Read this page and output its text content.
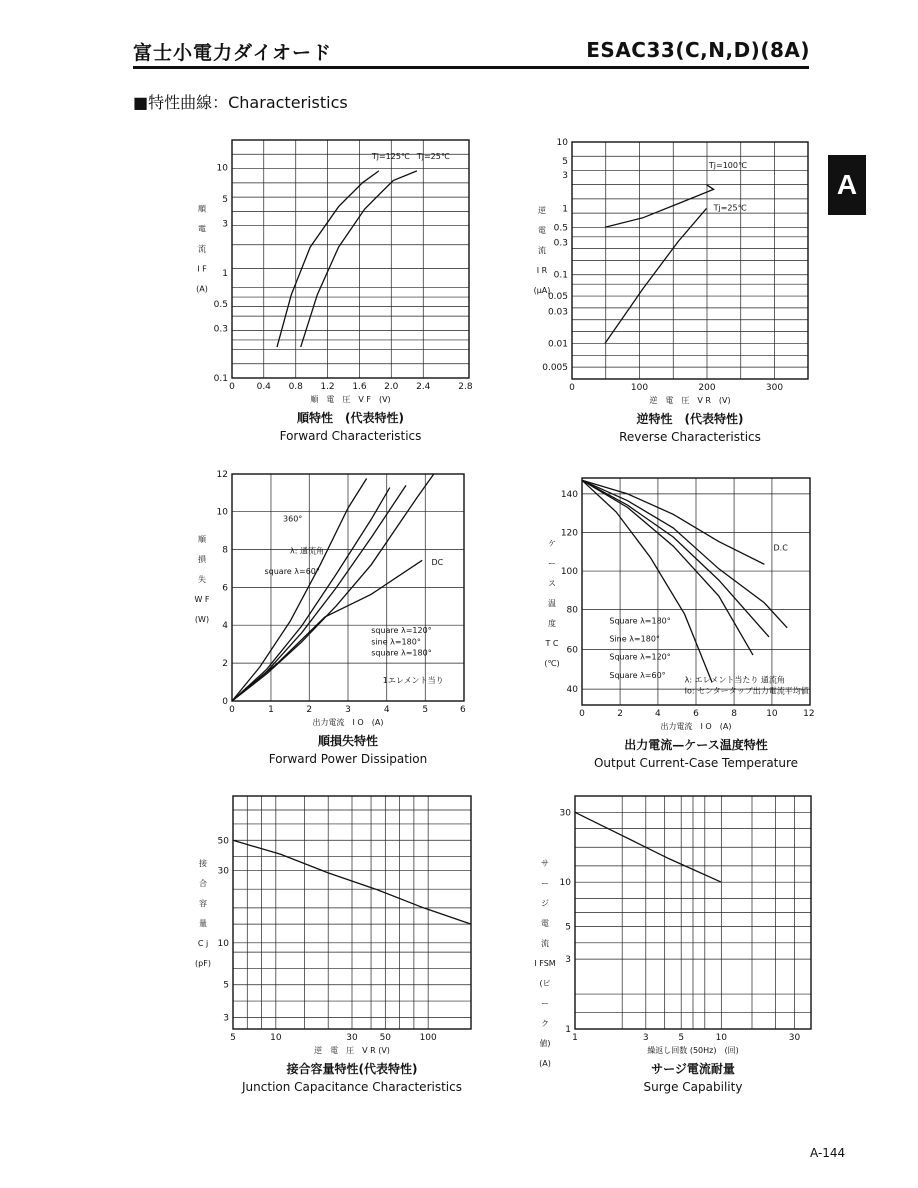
富士小電力ダイオード	ESAC33(C,N,D)(8A)
■特性曲線：Characteristics
A
A-144
0 0.4 0.8 1.2 1.6 2.0 2.4	2.8
0.1
0.3
0.5
1
3
5
10
Tj=125℃ Tj=25℃
順
電
流
I F
(A)
順　電　圧　V F　(V)
順特性　(代表特性)
Forward Characteristics
0	100	200	300
0.005
0.01
0.03
0.05
0.1
0.3
0.5
1
3
5
10
Tj=100℃
Tj=25℃
逆
電
流
I R
(μA)
逆　電　圧　V R　(V)
逆特性　(代表特性)
Reverse Characteristics
0	1	2	3	4	5	6
0
2
4
6
8
10
12
DC
square λ=120°
sine λ=180°
square λ=180°
square λ=60°
λ: 通流角
360°
1エレメント当り
順
損
失
W F
(W)
出力電流　I O　(A)
順損失特性
Forward Power Dissipation
0	2	4	6	8	10	12
40
60
80
100
120
140
D.C
Square λ=180°
Sine λ=180°
Square λ=120°
Square λ=60°
λ: エレメント当たり 通流角
Io: センタータップ出力電流平均値
ケ
ー
ス
温
度
T C
(℃)
出力電流　I O　(A)
出力電流—ケース温度特性
Output Current-Case Temperature
5	10	30 50	100
3
5
10
30
50
接
合
容
量
C j
(pF)
逆　電　圧　V R (V)
接合容量特性(代表特性)
Junction Capacitance Characteristics
1	3	5	10	30
1
3
5
10
30
サ
ー
ジ
電
流
I FSM
(ピ
ー
ク
値)
(A)
繰返し回数 (50Hz)　(回)
サージ電流耐量
Surge Capability
